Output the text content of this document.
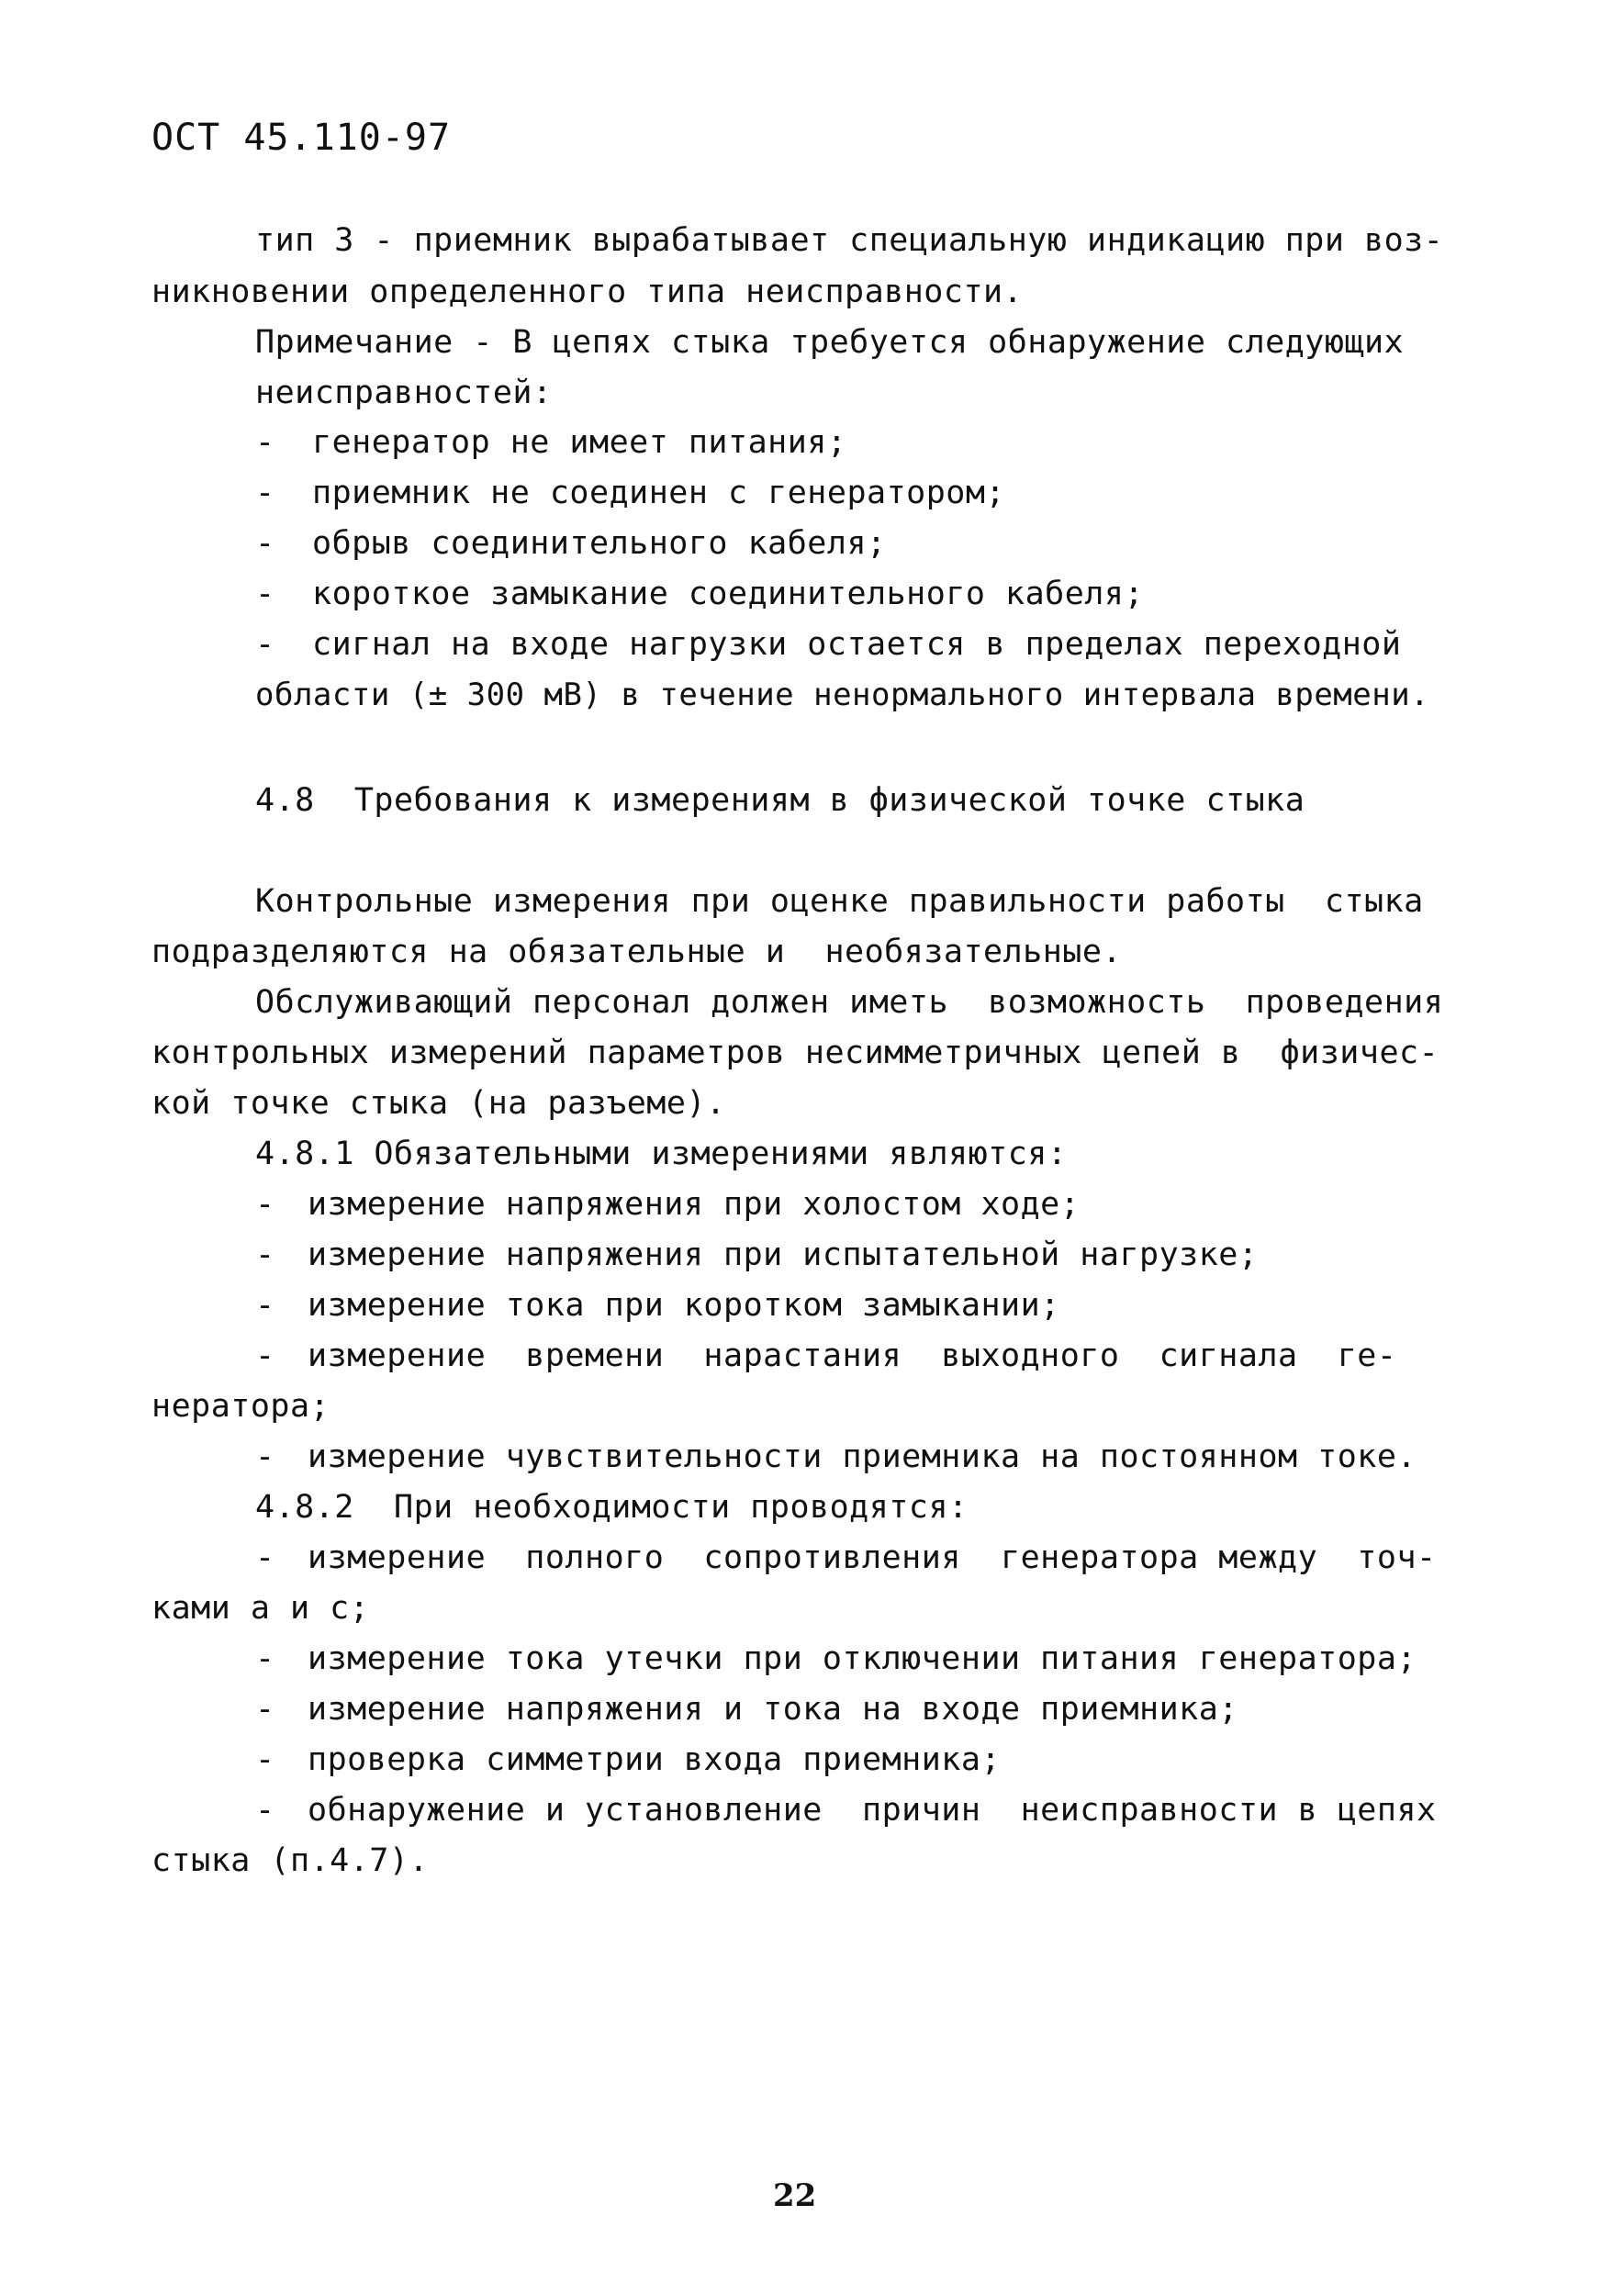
ОСТ 45.110-97
тип 3 - приемник вырабатывает специальную индикацию при воз-
никновении определенного типа неисправности.
Примечание - В цепях стыка требуется обнаружение следующих
неисправностей:
- генератор не имеет питания;
- приемник не соединен с генератором;
- обрыв соединительного кабеля;
- короткое замыкание соединительного кабеля;
- сигнал на входе нагрузки остается в пределах переходной
области (± 300 мВ) в течение ненормального интервала времени.
4.8  Требования к измерениям в физической точке стыка
Контрольные измерения при оценке правильности работы  стыка
подразделяются на обязательные и  необязательные.
Обслуживающий персонал должен иметь  возможность  проведения
контрольных измерений параметров несимметричных цепей в  физичес-
кой точке стыка (на разъеме).
4.8.1 Обязательными измерениями являются:
- измерение напряжения при холостом ходе;
- измерение напряжения при испытательной нагрузке;
- измерение тока при коротком замыкании;
- измерение  времени  нарастания  выходного  сигнала  ге-
нератора;
- измерение чувствительности приемника на постоянном токе.
4.8.2  При необходимости проводятся:
- измерение  полного  сопротивления  генератора между  точ-
ками а и с;
- измерение тока утечки при отключении питания генератора;
- измерение напряжения и тока на входе приемника;
- проверка симметрии входа приемника;
- обнаружение и установление  причин  неисправности в цепях
стыка (п.4.7).
22
